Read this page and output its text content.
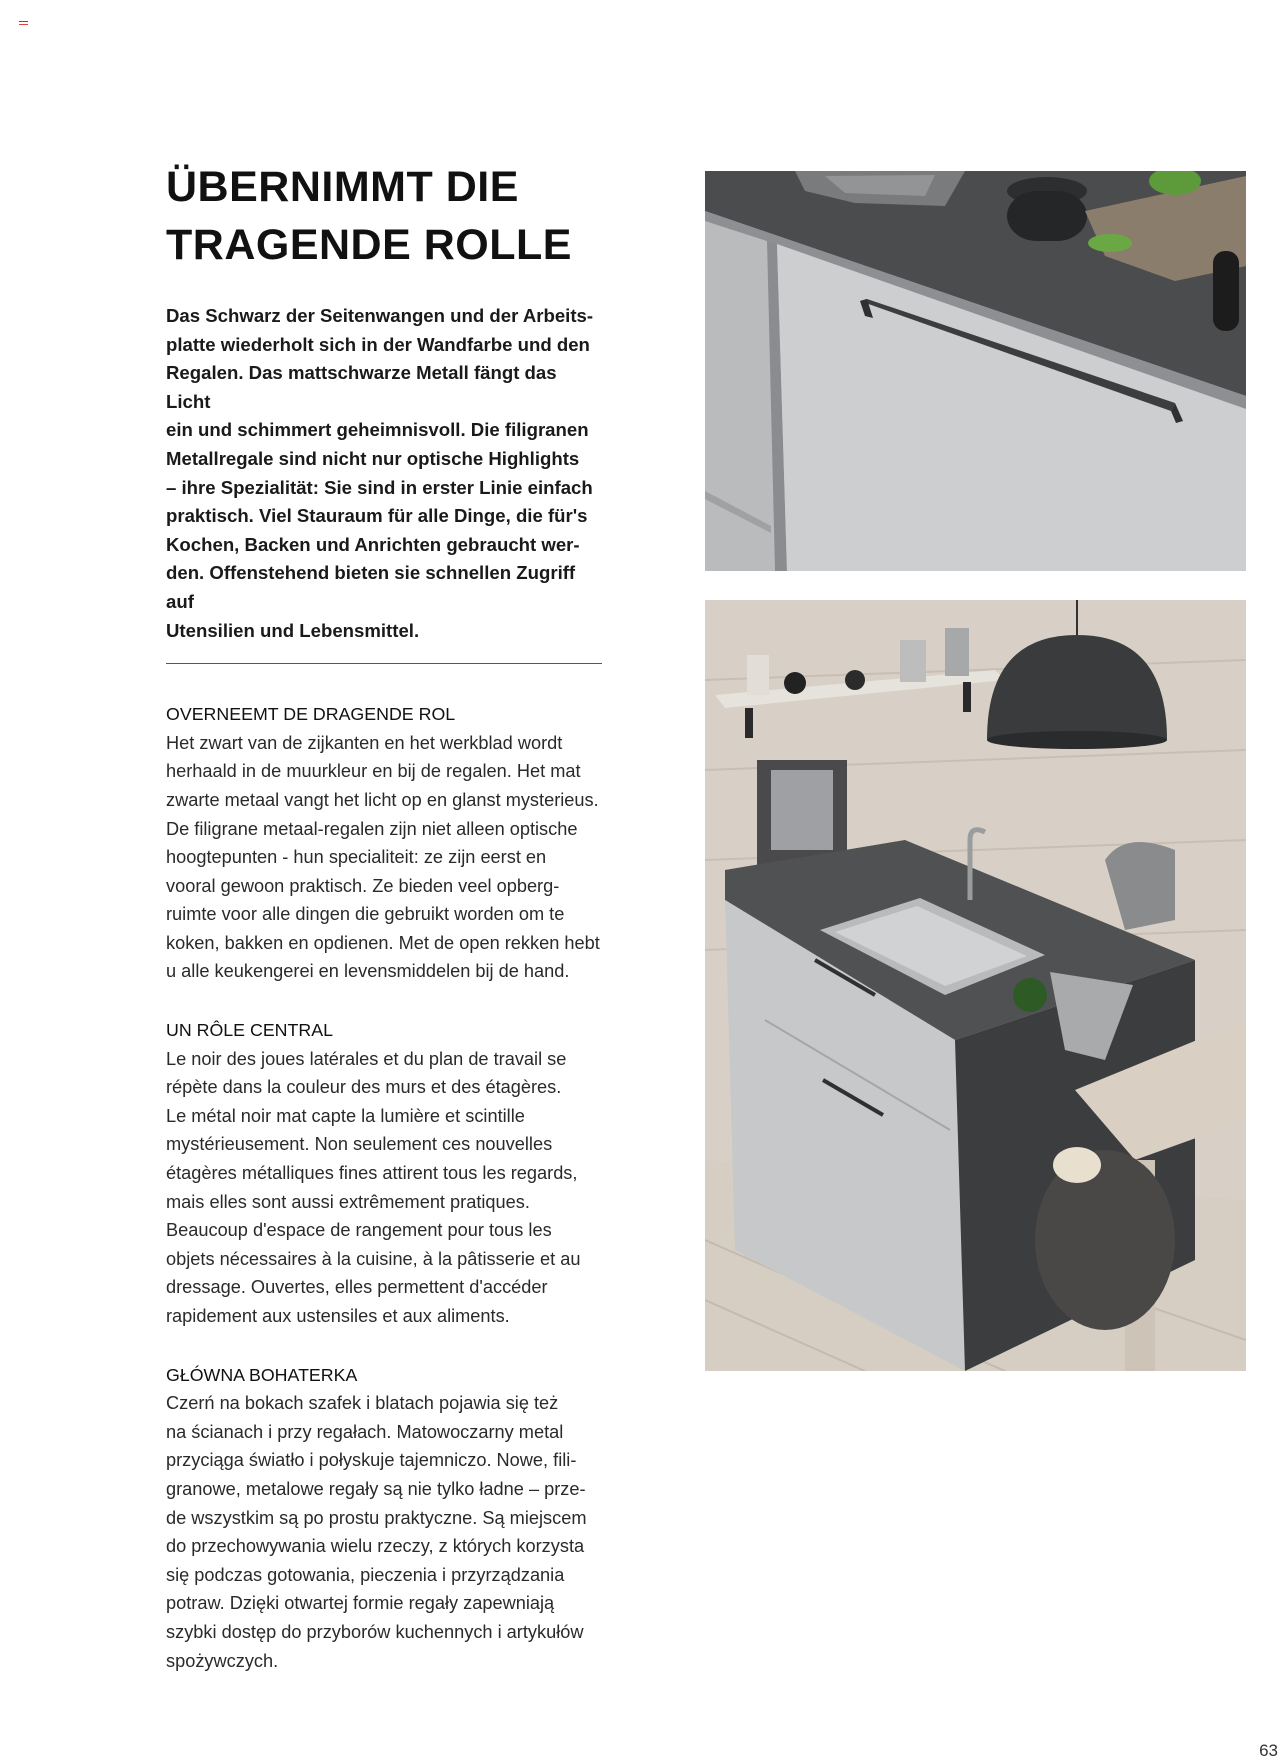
ÜBERNIMMT DIE
TRAGENDE ROLLE

Das Schwarz der Seitenwangen und der Arbeits-
platte wiederholt sich in der Wandfarbe und den
Regalen. Das mattschwarze Metall fängt das Licht
ein und schimmert geheimnisvoll. Die filigranen
Metallregale sind nicht nur optische Highlights
– ihre Spezialität: Sie sind in erster Linie einfach
praktisch. Viel Stauraum für alle Dinge, die für's
Kochen, Backen und Anrichten gebraucht wer-
den. Offenstehend bieten sie schnellen Zugriff auf
Utensilien und Lebensmittel.

OVERNEEMT DE DRAGENDE ROL

Het zwart van de zijkanten en het werkblad wordt
herhaald in de muurkleur en bij de regalen. Het mat
zwarte metaal vangt het licht op en glanst mysterieus.
De filigrane metaal-regalen zijn niet alleen optische
hoogtepunten - hun specialiteit: ze zijn eerst en
vooral gewoon praktisch. Ze bieden veel opberg-
ruimte voor alle dingen die gebruikt worden om te
koken, bakken en opdienen. Met de open rekken hebt
u alle keukengerei en levensmiddelen bij de hand.

UN RÔLE CENTRAL

Le noir des joues latérales et du plan de travail se
répète dans la couleur des murs et des étagères.
Le métal noir mat capte la lumière et scintille
mystérieusement. Non seulement ces nouvelles
étagères métalliques fines attirent tous les regards,
mais elles sont aussi extrêmement pratiques.
Beaucoup d'espace de rangement pour tous les
objets nécessaires à la cuisine, à la pâtisserie et au
dressage. Ouvertes, elles permettent d'accéder
rapidement aux ustensiles et aux aliments.

GŁÓWNA BOHATERKA

Czerń na bokach szafek i blatach pojawia się też
na ścianach i przy regałach. Matowoczarny metal
przyciąga światło i połyskuje tajemniczo. Nowe, fili-
granowe, metalowe regały są nie tylko ładne – prze-
de wszystkim są po prostu praktyczne. Są miejscem
do przechowywania wielu rzeczy, z których korzysta
się podczas gotowania, pieczenia i przyrządzania
potraw. Dzięki otwartej formie regały zapewniają
szybki dostęp do przyborów kuchennych i artykułów
spożywczych.

63
